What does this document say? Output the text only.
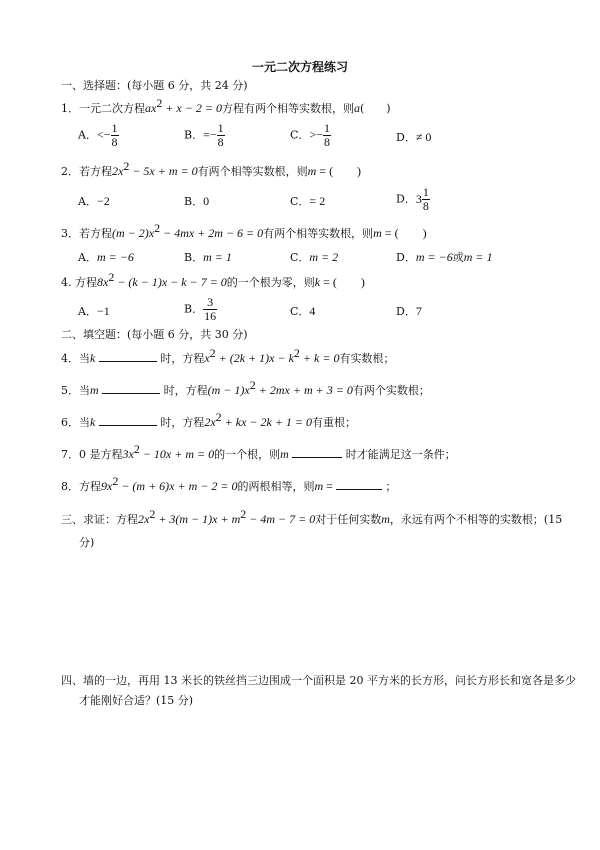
一元二次方程练习
一、选择题：(每小题 6 分，共 24 分)
1．一元二次方程$ax^2 + x - 2 = 0$方程有两个相等实数根，则a(　　)
A．<− $\frac{1}{8}$	B．=− $\frac{1}{8}$	C．>− $\frac{1}{8}$	D．≠ 0
2．若方程$2x^2 - 5x + m = 0$有两个相等实数根，则m = (　　)
A．−2	B．0	C．= 2	D．$3 \frac{1}{8}$
3．若方程$(m - 2)x^2 - 4mx + 2m - 6 = 0$有两个相等实数根，则m = (　　)
A．m = −6	B．m = 1	C．m = 2	D．m = −6或m = 1
4. 方程$8x^2 - (k - 1)x - k - 7 = 0$的一个根为零，则k = (　　)
A．−1	B． $\frac{3}{16}$	C．4	D．7
二、填空题：(每小题 6 分，共 30 分)
4．当k	时，方程$x^2 + (2k + 1)x - k^2 + k = 0$有实数根；
5．当m	时，方程$(m - 1)x^2 + 2mx + m + 3 = 0$有两个实数根；
6．当k	时，方程$2x^2$ + kx − 2k + 1 = 0有重根；
7．0 是方程$3x^2 - 10x + m = 0$的一个根，则m	时才能满足这一条件；
8．方程$9x^2 - (m + 6)x + m - 2 = 0$的两根相等，则m =	；
三、求证：方程$2x^2 + 3(m - 1)x + m^2 - 4m - 7 = 0$对于任何实数m，永远有两个不相等的实数根；(15
分)
四、墙的一边，再用 13 米长的铁丝挡三边围成一个面积是 20 平方米的长方形，问长方形长和宽各是多少
才能刚好合适？(15 分)
